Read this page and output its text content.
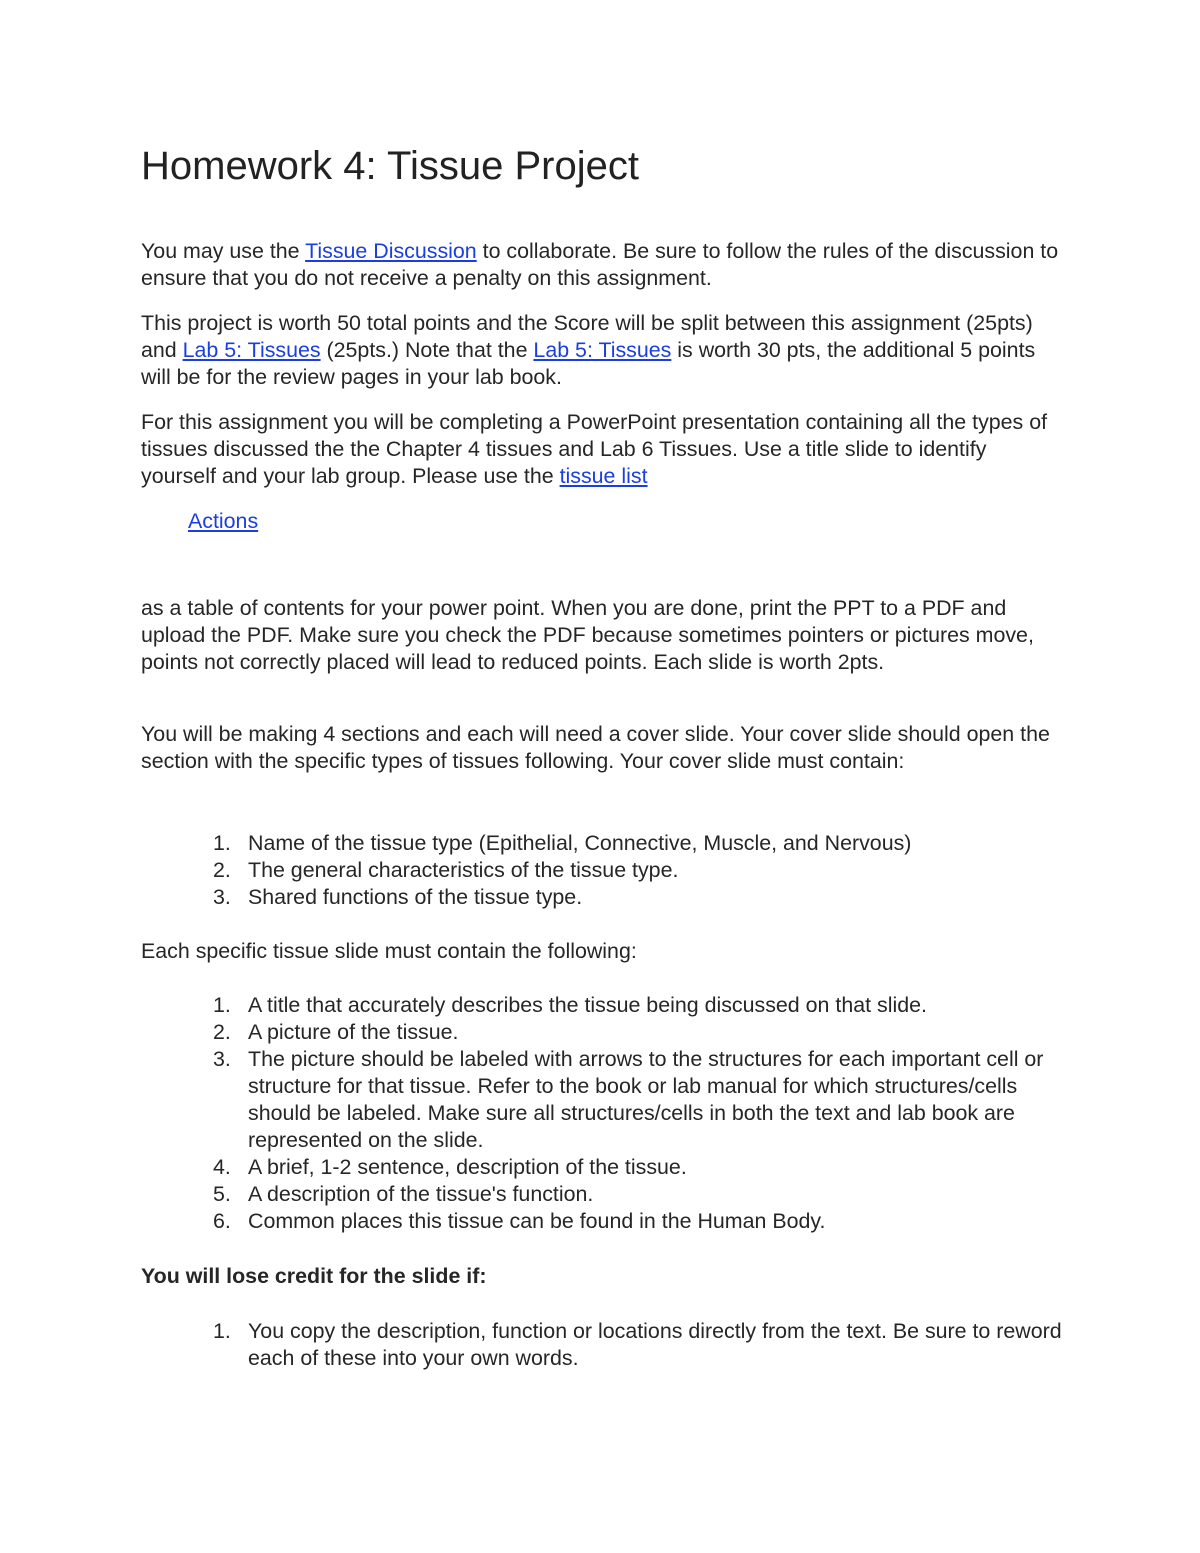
Homework 4: Tissue Project

You may use the Tissue Discussion to collaborate. Be sure to follow the rules of the discussion to ensure that you do not receive a penalty on this assignment.

This project is worth 50 total points and the Score will be split between this assignment (25pts) and Lab 5: Tissues (25pts.) Note that the Lab 5: Tissues is worth 30 pts, the additional 5 points will be for the review pages in your lab book.

For this assignment you will be completing a PowerPoint presentation containing all the types of tissues discussed the the Chapter 4 tissues and Lab 6 Tissues. Use a title slide to identify yourself and your lab group. Please use the tissue list

Actions

as a table of contents for your power point. When you are done, print the PPT to a PDF and upload the PDF. Make sure you check the PDF because sometimes pointers or pictures move, points not correctly placed will lead to reduced points. Each slide is worth 2pts.

You will be making 4 sections and each will need a cover slide. Your cover slide should open the section with the specific types of tissues following. Your cover slide must contain:

1. Name of the tissue type (Epithelial, Connective, Muscle, and Nervous)
2. The general characteristics of the tissue type.
3. Shared functions of the tissue type.

Each specific tissue slide must contain the following:

1. A title that accurately describes the tissue being discussed on that slide.
2. A picture of the tissue.
3. The picture should be labeled with arrows to the structures for each important cell or structure for that tissue. Refer to the book or lab manual for which structures/cells should be labeled. Make sure all structures/cells in both the text and lab book are represented on the slide.
4. A brief, 1-2 sentence, description of the tissue.
5. A description of the tissue's function.
6. Common places this tissue can be found in the Human Body.

You will lose credit for the slide if:

1. You copy the description, function or locations directly from the text. Be sure to reword each of these into your own words.
